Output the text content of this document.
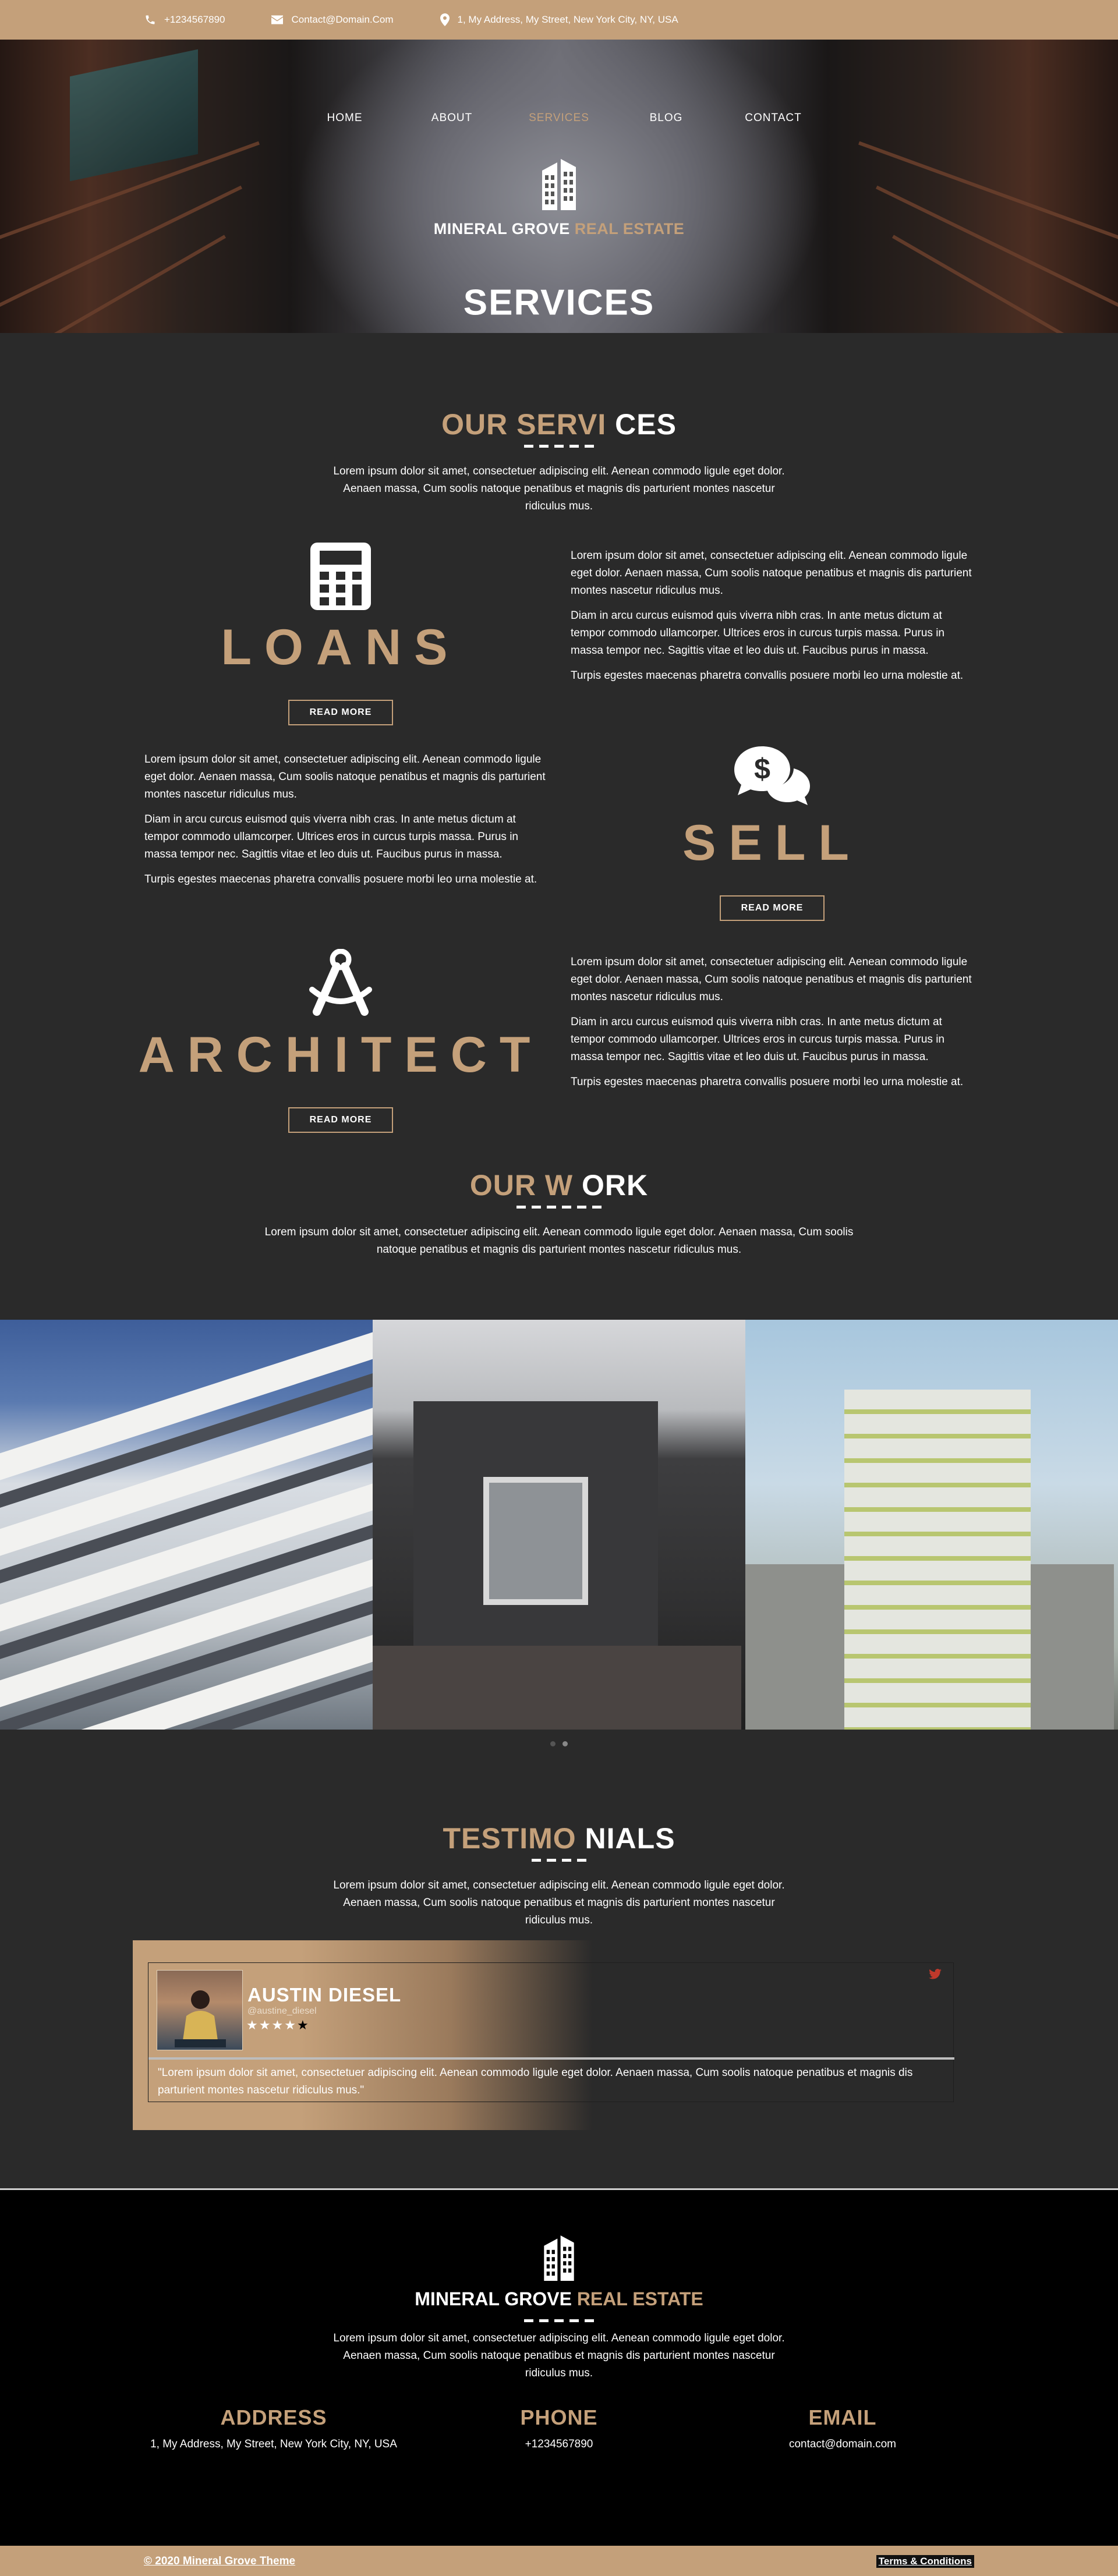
+1234567890	Contact@Domain.Com	1, My Address, My Street, New York City, NY, USA
HOME	ABOUT	SERVICES	BLOG	CONTACT
MINERAL GROVE REAL ESTATE
SERVICES
OUR SERVI CES

Lorem ipsum dolor sit amet, consectetuer adipiscing elit. Aenean commodo ligule eget dolor. Aenaen massa, Cum soolis natoque penatibus et magnis dis parturient montes nascetur ridiculus mus.

LOANS
READ MORE

Lorem ipsum dolor sit amet, consectetuer adipiscing elit. Aenean commodo ligule eget dolor. Aenaen massa, Cum soolis natoque penatibus et magnis dis parturient montes nascetur ridiculus mus.

Diam in arcu curcus euismod quis viverra nibh cras. In ante metus dictum at tempor commodo ullamcorper. Ultrices eros in curcus turpis massa. Purus in massa tempor nec. Sagittis vitae et leo duis ut. Faucibus purus in massa.

Turpis egestes maecenas pharetra convallis posuere morbi leo urna molestie at.

Lorem ipsum dolor sit amet, consectetuer adipiscing elit. Aenean commodo ligule eget dolor. Aenaen massa, Cum soolis natoque penatibus et magnis dis parturient montes nascetur ridiculus mus.

Diam in arcu curcus euismod quis viverra nibh cras. In ante metus dictum at tempor commodo ullamcorper. Ultrices eros in curcus turpis massa. Purus in massa tempor nec. Sagittis vitae et leo duis ut. Faucibus purus in massa.

Turpis egestes maecenas pharetra convallis posuere morbi leo urna molestie at.

$
SELL
READ MORE
ARCHITECT
READ MORE

Lorem ipsum dolor sit amet, consectetuer adipiscing elit. Aenean commodo ligule eget dolor. Aenaen massa, Cum soolis natoque penatibus et magnis dis parturient montes nascetur ridiculus mus.

Diam in arcu curcus euismod quis viverra nibh cras. In ante metus dictum at tempor commodo ullamcorper. Ultrices eros in curcus turpis massa. Purus in massa tempor nec. Sagittis vitae et leo duis ut. Faucibus purus in massa.

Turpis egestes maecenas pharetra convallis posuere morbi leo urna molestie at.

OUR W ORK

Lorem ipsum dolor sit amet, consectetuer adipiscing elit. Aenean commodo ligule eget dolor. Aenaen massa, Cum soolis natoque penatibus et magnis dis parturient montes nascetur ridiculus mus.

TESTIMO NIALS

Lorem ipsum dolor sit amet, consectetuer adipiscing elit. Aenean commodo ligule eget dolor. Aenaen massa, Cum soolis natoque penatibus et magnis dis parturient montes nascetur ridiculus mus.

AUSTIN DIESEL
@austine_diesel
★★★★★
"Lorem ipsum dolor sit amet, consectetuer adipiscing elit. Aenean commodo ligule eget dolor. Aenaen massa, Cum soolis natoque penatibus et magnis dis parturient montes nascetur ridiculus mus."
MINERAL GROVE REAL ESTATE

Lorem ipsum dolor sit amet, consectetuer adipiscing elit. Aenean commodo ligule eget dolor. Aenaen massa, Cum soolis natoque penatibus et magnis dis parturient montes nascetur ridiculus mus.

ADDRESS

1, My Address, My Street, New York City, NY, USA

PHONE

+1234567890

EMAIL

contact@domain.com

© 2020 Mineral Grove Theme	Terms & Conditions
